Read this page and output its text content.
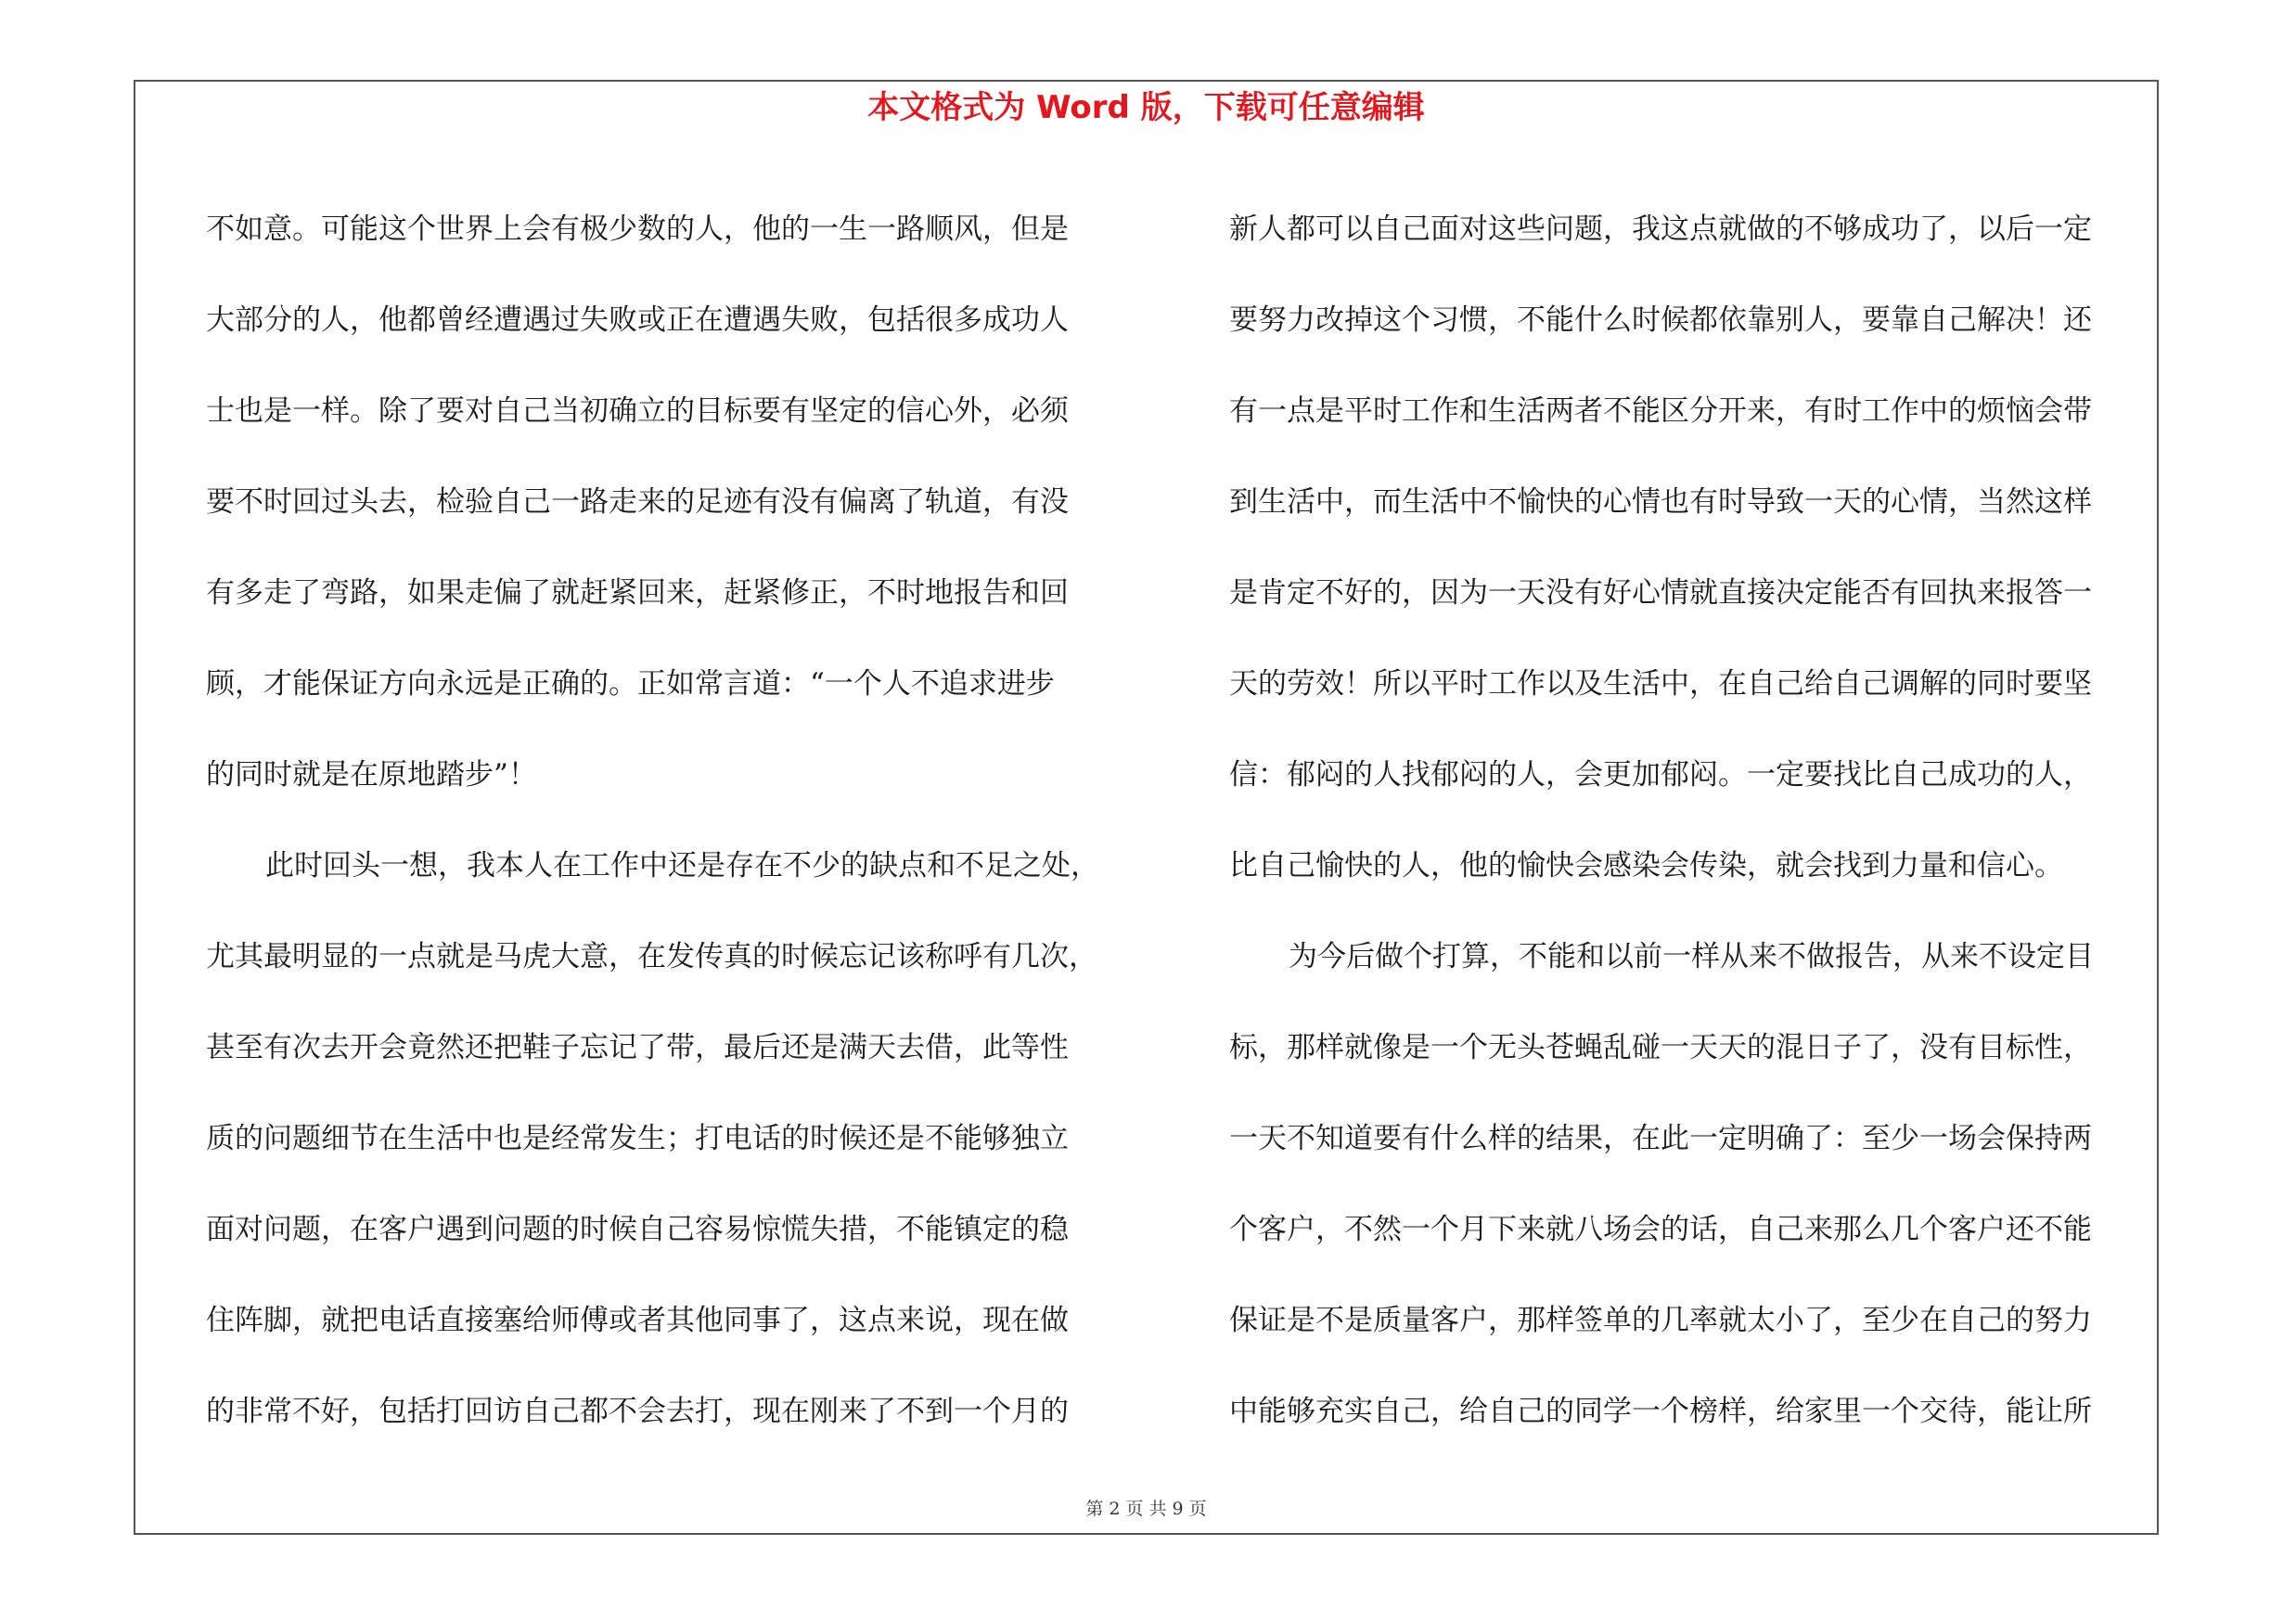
本文格式为 Word 版，下载可任意编辑
不如意。可能这个世界上会有极少数的人，他的一生一路顺风，但是
大部分的人，他都曾经遭遇过失败或正在遭遇失败，包括很多成功人
士也是一样。除了要对自己当初确立的目标要有坚定的信心外，必须
要不时回过头去，检验自己一路走来的足迹有没有偏离了轨道，有没
有多走了弯路，如果走偏了就赶紧回来，赶紧修正，不时地报告和回
顾，才能保证方向永远是正确的。正如常言道：“一个人不追求进步
的同时就是在原地踏步”！
此时回头一想，我本人在工作中还是存在不少的缺点和不足之处，
尤其最明显的一点就是马虎大意，在发传真的时候忘记该称呼有几次，
甚至有次去开会竟然还把鞋子忘记了带，最后还是满天去借，此等性
质的问题细节在生活中也是经常发生；打电话的时候还是不能够独立
面对问题，在客户遇到问题的时候自己容易惊慌失措，不能镇定的稳
住阵脚，就把电话直接塞给师傅或者其他同事了，这点来说，现在做
的非常不好，包括打回访自己都不会去打，现在刚来了不到一个月的
新人都可以自己面对这些问题，我这点就做的不够成功了，以后一定
要努力改掉这个习惯，不能什么时候都依靠别人，要靠自己解决！还
有一点是平时工作和生活两者不能区分开来，有时工作中的烦恼会带
到生活中，而生活中不愉快的心情也有时导致一天的心情，当然这样
是肯定不好的，因为一天没有好心情就直接决定能否有回执来报答一
天的劳效！所以平时工作以及生活中，在自己给自己调解的同时要坚
信：郁闷的人找郁闷的人，会更加郁闷。一定要找比自己成功的人，
比自己愉快的人，他的愉快会感染会传染，就会找到力量和信心。
为今后做个打算，不能和以前一样从来不做报告，从来不设定目
标，那样就像是一个无头苍蝇乱碰一天天的混日子了，没有目标性，
一天不知道要有什么样的结果，在此一定明确了：至少一场会保持两
个客户，不然一个月下来就八场会的话，自己来那么几个客户还不能
保证是不是质量客户，那样签单的几率就太小了，至少在自己的努力
中能够充实自己，给自己的同学一个榜样，给家里一个交待，能让所
第 2 页 共 9 页
